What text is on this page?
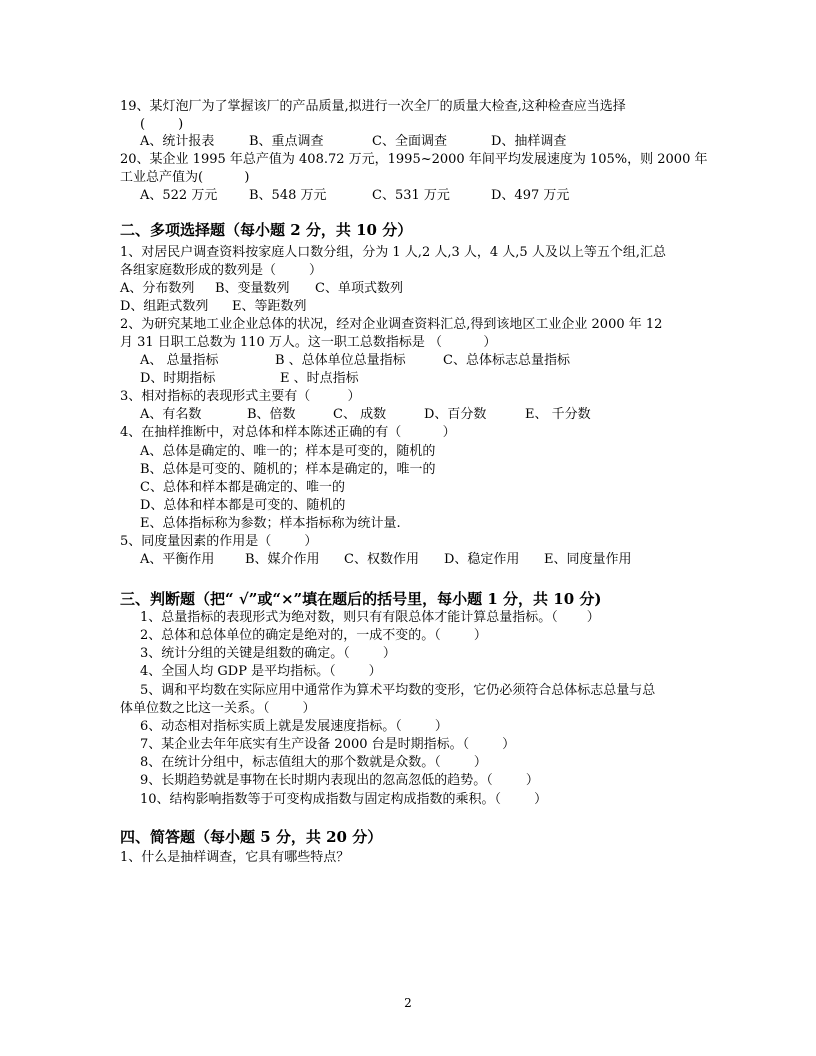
19、某灯泡厂为了掌握该厂的产品质量,拟进行一次全厂的质量大检查,这种检查应当选择
(        )
A、统计报表	B、重点调查	C、全面调查	D、抽样调查
20、某企业 1995 年总产值为 408.72 万元，1995~2000 年间平均发展速度为 105%，则 2000 年
工业总产值为(          )
A、522 万元 B、548 万元	C、531 万元	D、497 万元
二、多项选择题（每小题 2 分，共 10 分）
1、对居民户调查资料按家庭人口数分组，分为 1 人,2 人,3 人，4 人,5 人及以上等五个组,汇总
各组家庭数形成的数列是（        ）
A、分布数列 B、变量数列 C、单项式数列
D、组距式数列 E、等距数列
2、为研究某地工业企业总体的状况，经对企业调查资料汇总,得到该地区工业企业 2000 年 12
月 31 日职工总数为 110 万人。这一职工总数指标是 （          ）
A、 总量指标	B 、总体单位总量指标	C、总体标志总量指标
D、时期指标	E 、时点指标
3、相对指标的表现形式主要有（         ）
A、有名数	B、倍数	C、 成数	D、百分数	E、 千分数
4、在抽样推断中，对总体和样本陈述正确的有（          ）
A、总体是确定的、唯一的；样本是可变的，随机的
B、总体是可变的、随机的；样本是确定的，唯一的
C、总体和样本都是确定的、唯一的
D、总体和样本都是可变的、随机的
E、总体指标称为参数；样本指标称为统计量.
5、同度量因素的作用是（        ）
A、平衡作用 B、媒介作用 C、权数作用 D、稳定作用 E、同度量作用
三、判断题（把“ √”或“×”填在题后的括号里，每小题 1 分，共 10 分)
1、总量指标的表现形式为绝对数，则只有有限总体才能计算总量指标。（       ）
2、总体和总体单位的确定是绝对的，一成不变的。（        ）
3、统计分组的关键是组数的确定。（        ）
4、全国人均 GDP 是平均指标。（        ）
5、调和平均数在实际应用中通常作为算术平均数的变形，它仍必须符合总体标志总量与总
体单位数之比这一关系。（        ）
6、动态相对指标实质上就是发展速度指标。（        ）
7、某企业去年年底实有生产设备 2000 台是时期指标。（        ）
8、在统计分组中，标志值组大的那个数就是众数。（        ）
9、长期趋势就是事物在长时期内表现出的忽高忽低的趋势。（        ）
10、结构影响指数等于可变构成指数与固定构成指数的乘积。（        ）
四、简答题（每小题 5 分，共 20 分）
1、什么是抽样调查，它具有哪些特点？
2
